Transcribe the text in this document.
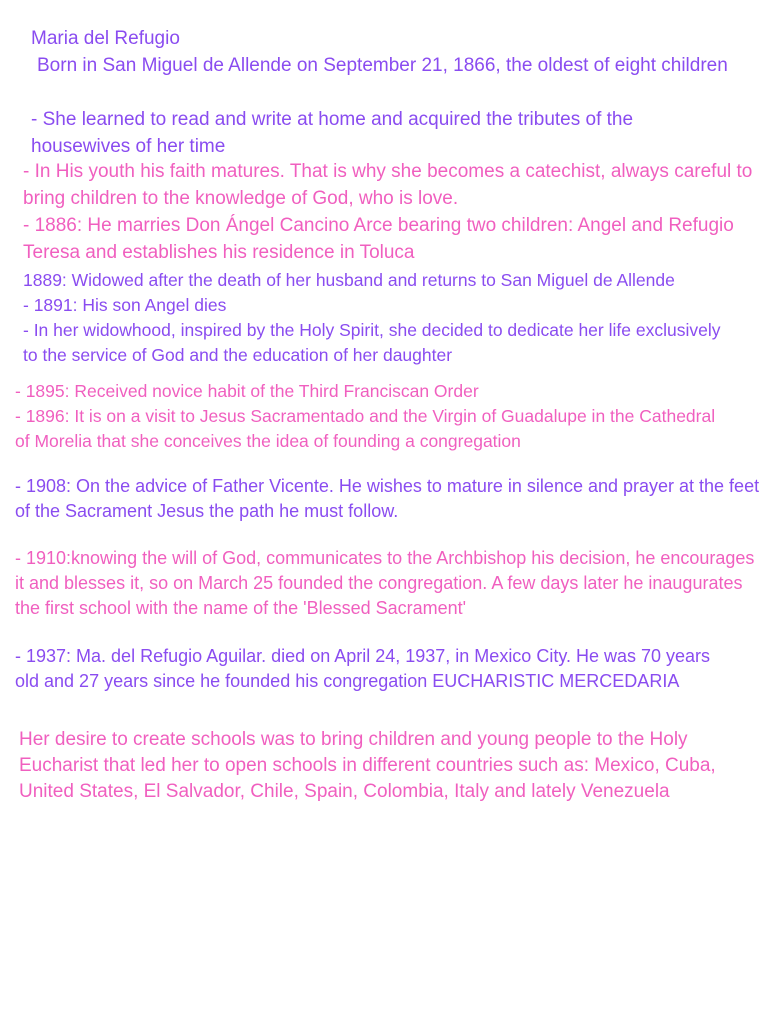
Maria del Refugio

Born in San Miguel de Allende on September 21, 1866, the oldest of eight children

- She learned to read and write at home and acquired the tributes of the housewives of her time

- In His youth his faith matures. That is why she becomes a catechist, always careful to bring children to the knowledge of God, who is love.

- 1886: He marries Don Ángel Cancino Arce bearing two children: Angel and Refugio Teresa and establishes his residence in Toluca

1889: Widowed after the death of her husband and returns to San Miguel de Allende

- 1891: His son Angel dies

- In her widowhood, inspired by the Holy Spirit, she decided to dedicate her life exclusively to the service of God and the education of her daughter

- 1895: Received novice habit of the Third Franciscan Order

- 1896: It is on a visit to Jesus Sacramentado and the Virgin of Guadalupe in the Cathedral of Morelia that she conceives the idea of founding a congregation

- 1908: On the advice of Father Vicente. He wishes to mature in silence and prayer at the feet of the Sacrament Jesus the path he must follow.

- 1910:knowing the will of God, communicates to the Archbishop his decision, he encourages it and blesses it, so on March 25 founded the congregation. A few days later he inaugurates the first school with the name of the 'Blessed Sacrament'

- 1937: Ma. del Refugio Aguilar. died on April 24, 1937, in Mexico City. He was 70 years old and 27 years since he founded his congregation EUCHARISTIC MERCEDARIA

Her desire to create schools was to bring children and young people to the Holy Eucharist that led her to open schools in different countries such as: Mexico, Cuba, United States, El Salvador, Chile, Spain, Colombia, Italy and lately Venezuela
